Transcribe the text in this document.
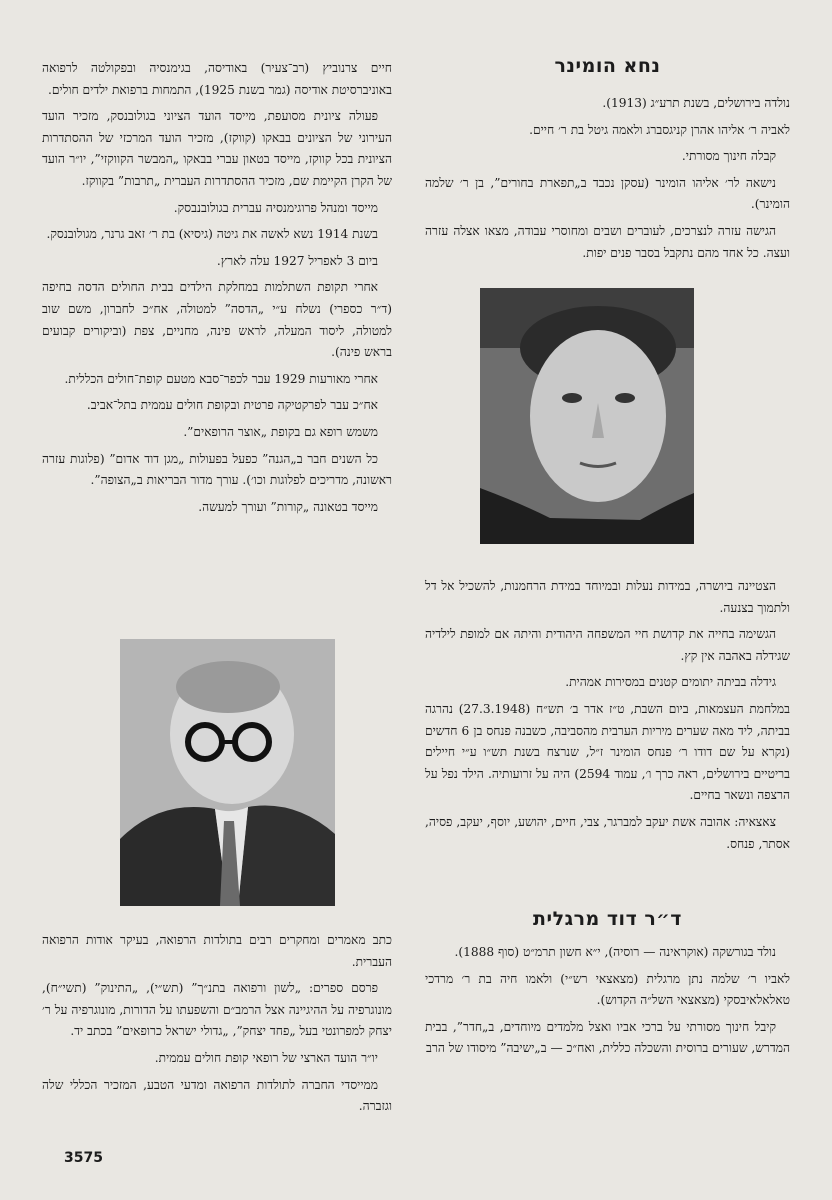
חיים צרנוביץ (רב־צעיר) באודיסה, בגימנסיה ובפקולטה לרפואה באוניברסיטת אודיסה (גמר בשנת 1925), התמחות ברפואת ילדים חולים.

פעולה ציונית מסועפת, מייסד הועד הציוני בגולובנסק, מזכיר הועד העירוני של הציונים בבאקו (קווקז), מזכיר הועד המרכזי של ההסתדרות הציונית בכל קווקז, מייסד בטאון עברי בבאקו „המבשר הקווקזי”, יו״ר הועד של הקרן הקיימת שם, מזכיר ההסתדרות העברית „תרבות” בקווקז.

מייסד ומנהל פרוגימנסיה עברית בגולובנבסק.

בשנת 1914 נשא לאשה את גיטה (גיסיא) בת ר׳ זאב גרנר, מגולובנסק.

ביום 3 לאפריל 1927 עלה לארץ.

אחרי תקופת השתלמות במחלקת הילדים בבית החולים הדסה בחיפה (ד״ר כספרי) נשלח ע״י „הדסה” למטולה, אח״כ לחברון, משם שוב למטולה, ליסוד המעלה, לראש פינה, מחניים, צפת (וביקורים קבועים בראש פינה).

אחרי מאורעות 1929 עבר לכפר־סבא מטעם קופת־חולים הכללית.

אח״כ עבר לפרקטיקה פרטית ובקופת חולים עממית בתל־אביב.

משמש רופא גם בקופת „אוצר הרופאים”.

כל השנים חבר ב„הגנה” כפעל בפעולות „מגן דוד אדום” (פלוגות עזרה ראשונה, מדריכים לפלוגות וכו׳). עורך מדור הבריאות ב„הצופה”.

מייסד בטאונה „קורות” ועורך למעשה.

כתב מאמרים ומחקרים רבים בתולדות הרפואה, בעיקר אודות הרפואה העברית.

פרסם ספרים: „לשון ורפואה בתנ״ך” (תש״י), „התינוק” (תשי״ח), מונוגרפיה על ההיגיינה אצל הרמב״ם והשפעתו על הדורות, מונוגרפיה על ר׳ יצחק למפרונטי בעל „פחד יצחק”, „גדולי ישראל כרופאים” בכתב יד.

יו״ר הועד הארצי של רופאי קופת חולים עממית.

ממייסדי החברה לתולדות הרפואה ומדעי הטבע, המזכיר הכללי שלה וגזברה.

נחא הומינר

נולדה בירושלים, בשנת תרע״ג (1913).

לאביה ר׳ אליהו אהרן קניגסברג ולאמה גיטל בת ר׳ חיים.

קבלה חינוך מסורתי.

נישאה לר׳ אליהו הומינר (עסקן נכבד ב„תפארת בחורים”, בן ר׳ שלמה הומינר).

הגישה עזרה לנצרכים, לעוברים ושבים ומחוסרי עבודה, מצאו אצלה עזרה ועצה. כל אחד מהם נתקבל בסבר פנים יפות.

הצטיינה ביושרה, במידות נעלות ובמיוחד במידת הרחמנות, להשכיל אל דל ולתמוך בצנעה.

הגשימה בחייה את קדושת חיי המשפחה היהודית והיתה אם למופת לילדיה שגידלה באהבה אין קץ.

גידלה בביתה יתומים קטנים במסירות אמהית.

במלחמת העצמאות, ביום השבת, ט״ז אדר ב׳ תש״ח (27.3.1948) נהרגה בביתה, ליד מאה שערים מיריות הערבית מהסביבה, כשבנה פנחס בן 6 חדשים (נקרא על שם דודו ר׳ פנחס הומינר ז״ל, שנרצח בשנת תש״ו ע״י חיילים בריטיים בירושלים, ראה כרך ו׳, עמוד 2594) היה על זרועותיה. הילד נפל על הרצפה ונשאר בחיים.

צאצאיה: אהובה אשת יעקב למברגר, צבי, חיים, יהושע, יוסף, יעקב, פסיה, אסתר, פנחס.

ד״ר דוד מרגלית

נולד בגורשקה (אוקראינה — רוסיה), י״א חשון תרמ״ט (סוף 1888).

לאביו ר׳ שלמה נתן מרגלית (מצאצאי רש״י) ולאמו חיה בת ר׳ מרדכי טאלאלאיבסקי (מצאצאי השל״ה הקדוש).

קיבל חינוך מסורתי על ברכי אביו ואצל מלמדים מיוחדים, ב„חדר”, בבית המדרש, שעורים ברוסית והשכלה כללית, ואח״כ — ב„ישיבה” מיסודו של הרב

3575
